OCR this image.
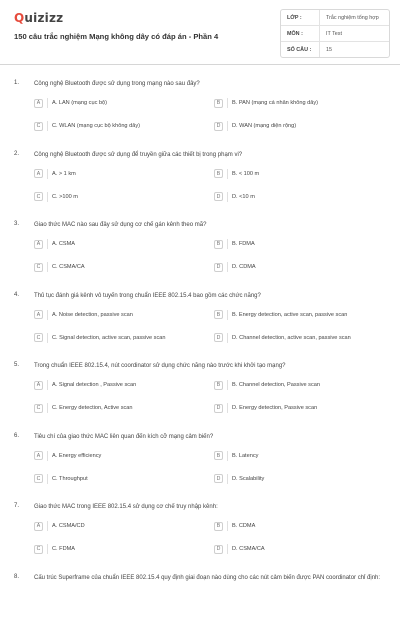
Quizizz
150 câu trắc nghiệm Mạng không dây có đáp án - Phần 4
LỚP :	Trắc nghiệm tổng hợp
MÔN :	IT Test
SỐ CÂU :	15
1. Công nghệ Bluetooth được sử dụng trong mạng nào sau đây?
A	A. LAN (mạng cục bộ)	B	B. PAN (mạng cá nhân không dây)
C	C. WLAN (mạng cục bộ không dây)	D	D. WAN (mạng diện rộng)
2. Công nghệ Bluetooth được sử dụng để truyền giữa các thiết bị trong phạm vi?
A	A. > 1 km	B	B. < 100 m
C	C. >100 m	D	D. <10 m
3. Giao thức MAC nào sau đây sử dụng cơ chế gán kênh theo mã?
A	A. CSMA	B	B. FDMA
C	C. CSMA/CA	D	D. CDMA
4. Thủ tục đánh giá kênh vô tuyến trong chuẩn IEEE 802.15.4 bao gồm các chức năng?
A	A. Noise detection, passive scan	B	B. Energy detection, active scan, passive scan
C	C. Signal detection, active scan, passive scan	D	D. Channel detection, active scan, passive scan
5. Trong chuẩn IEEE 802.15.4, nút coordinator sử dụng chức năng nào trước khi khởi tạo mạng?
A	A. Signal detection , Passive scan	B	B. Channel detection, Passive scan
C	C. Energy detection, Active scan	D	D. Energy detection, Passive scan
6. Tiêu chí của giao thức MAC liên quan đến kích cỡ mạng cảm biến?
A	A. Energy efficiency	B	B. Latency
C	C. Throughput	D	D. Scalability
7. Giao thức MAC trong IEEE 802.15.4 sử dụng cơ chế truy nhập kênh:
A	A. CSMA/CD	B	B. CDMA
C	C. FDMA	D	D. CSMA/CA
8. Cấu trúc Superframe của chuẩn IEEE 802.15.4 quy định giai đoạn nào dùng cho các nút cảm biến được PAN coordinator chỉ định:
